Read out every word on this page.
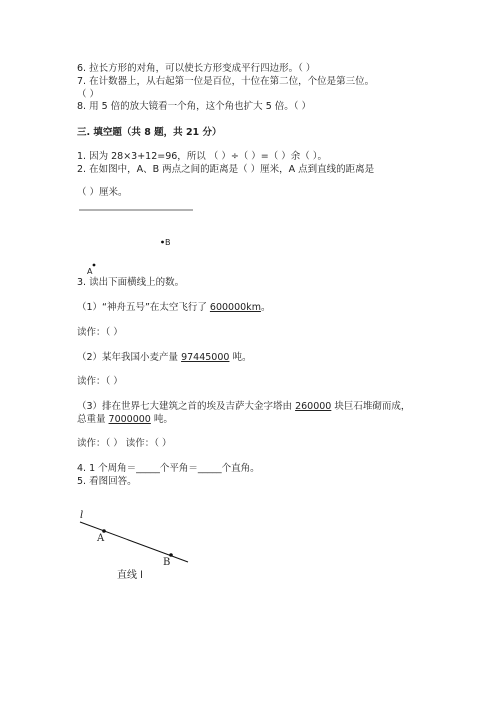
6. 拉长方形的对角，可以使长方形变成平行四边形。（ ）
7. 在计数器上，从右起第一位是百位，十位在第二位，个位是第三位。
（ ）
8. 用 5 倍的放大镜看一个角，这个角也扩大 5 倍。（ ）
三. 填空题（共 8 题，共 21 分）
1. 因为 28×3+12=96，所以 （ ）÷（ ）=（ ）余（ ）。
2. 在如图中，A、B 两点之间的距离是（ ）厘米，A 点到直线的距离是
（ ）厘米。
B
A
3. 读出下面横线上的数。
（1）“神舟五号”在太空飞行了 600000km。
读作：（ ）
（2）某年我国小麦产量 97445000 吨。
读作：（ ）
（3）排在世界七大建筑之首的埃及吉萨大金字塔由 260000 块巨石堆砌而成，
总重量 7000000 吨。
读作：（ ） 读作：（ ）
4. 1 个周角＝_____个平角＝_____个直角。
5. 看图回答。
l
A
B
直线 l
